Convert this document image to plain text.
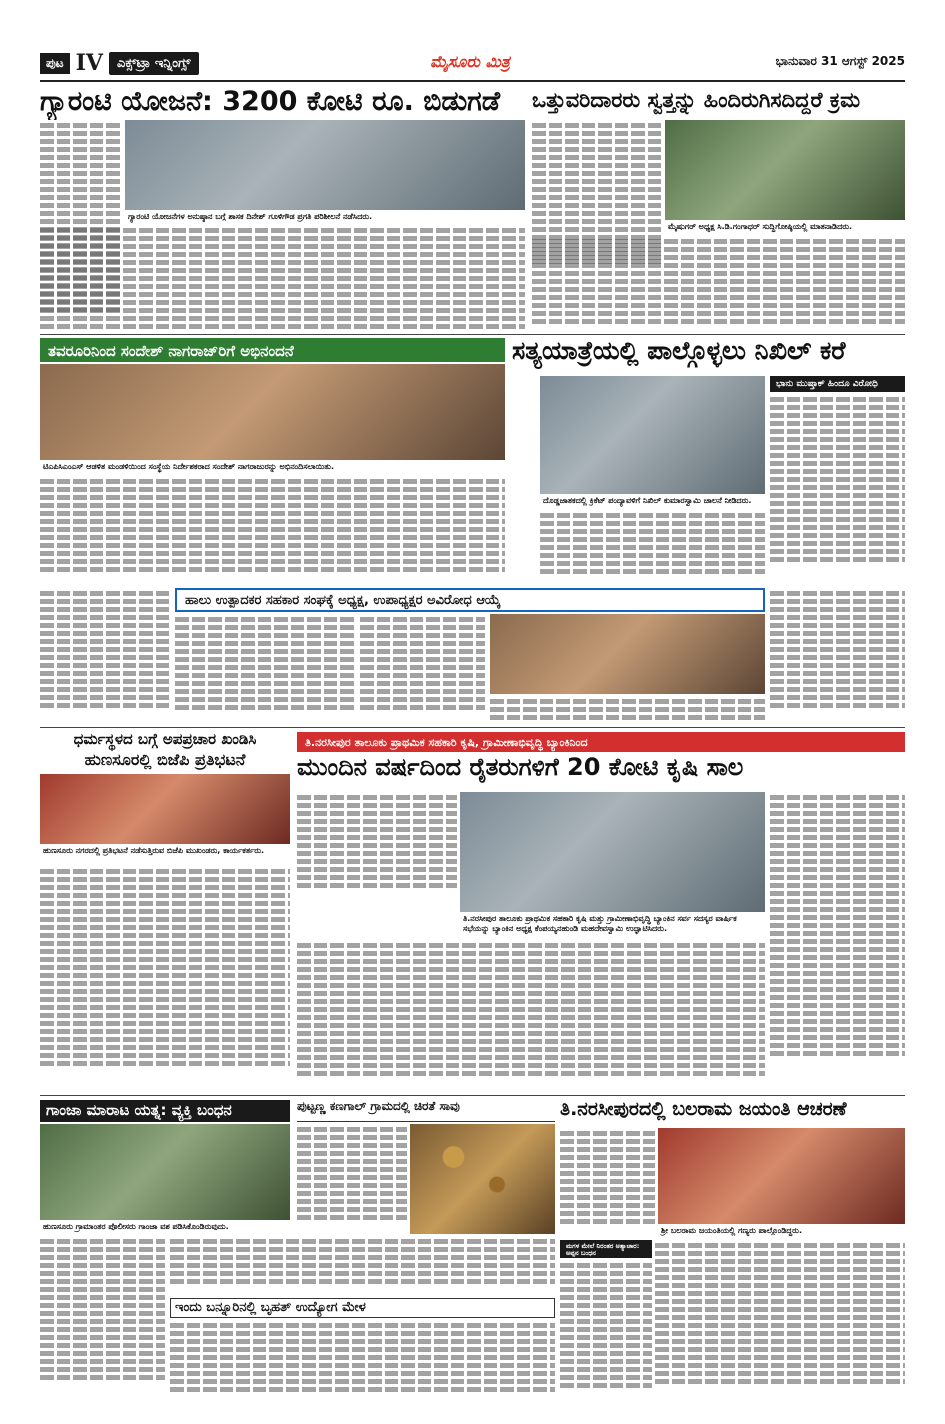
ಪುಟ IV	ಎಕ್ಸ್‌ಟ್ರಾ ಇನ್ನಿಂಗ್ಸ್	ಮೈಸೂರು ಮಿತ್ರ	ಭಾನುವಾರ 31 ಆಗಸ್ಟ್ 2025
ಗ್ಯಾರಂಟಿ ಯೋಜನೆ: 3200 ಕೋಟಿ ರೂ. ಬಿಡುಗಡೆ
ಗ್ಯಾರಂಟಿ ಯೋಜನೆಗಳ ಅನುಷ್ಠಾನ ಬಗ್ಗೆ ಶಾಸಕ ದಿನೇಶ್ ಗೂಳಿಗೌಡ ಪ್ರಗತಿ ಪರಿಶೀಲನೆ ನಡೆಸಿದರು.
ಒತ್ತುವರಿದಾರರು ಸ್ವತ್ತನ್ನು ಹಿಂದಿರುಗಿಸದಿದ್ದರೆ ಕ್ರಮ
ಮೈಷುಗರ್ ಅಧ್ಯಕ್ಷ ಸಿ.ಡಿ.ಗಂಗಾಧರ್ ಸುದ್ದಿಗೋಷ್ಠಿಯಲ್ಲಿ ಮಾತನಾಡಿದರು.
ತವರೂರಿನಿಂದ ಸಂದೇಶ್ ನಾಗರಾಜ್‌ರಿಗೆ ಅಭಿನಂದನೆ
ಟಿಎಪಿಸಿಎಂಎಸ್ ಆಡಳಿತ ಮಂಡಳಿಯಿಂದ ಸಂಸ್ಥೆಯ ನಿರ್ದೇಶಕರಾದ ಸಂದೇಶ್ ನಾಗರಾಜುರನ್ನು ಅಭಿನಂದಿಸಲಾಯಿತು.
ಸತ್ಯಯಾತ್ರೆಯಲ್ಲಿ ಪಾಲ್ಗೊಳ್ಳಲು ನಿಖಿಲ್ ಕರೆ
ದೊಡ್ಡಜಾತಕದಲ್ಲಿ ಕ್ರಿಕೆಟ್ ಪಂದ್ಯಾವಳಿಗೆ ನಿಖಿಲ್ ಕುಮಾರಸ್ವಾಮಿ ಚಾಲನೆ ನೀಡಿದರು.
ಭಾನು ಮುಷ್ತಾಕ್ ಹಿಂದೂ ವಿರೋಧಿ
ಹಾಲು ಉತ್ಪಾದಕರ ಸಹಕಾರ ಸಂಘಕ್ಕೆ ಅಧ್ಯಕ್ಷ, ಉಪಾಧ್ಯಕ್ಷರ ಅವಿರೋಧ ಆಯ್ಕೆ
ಧರ್ಮಸ್ಥಳದ ಬಗ್ಗೆ ಅಪಪ್ರಚಾರ ಖಂಡಿಸಿ
ಹುಣಸೂರಲ್ಲಿ ಬಿಜೆಪಿ ಪ್ರತಿಭಟನೆ
ಹುಣಸೂರು ನಗರದಲ್ಲಿ ಪ್ರತಿಭಟನೆ ನಡೆಸುತ್ತಿರುವ ಬಿಜೆಪಿ ಮುಖಂಡರು, ಕಾರ್ಯಕರ್ತರು.
ತಿ.ನರಸೀಪುರ ತಾಲೂಕು ಪ್ರಾಥಮಿಕ ಸಹಕಾರಿ ಕೃಷಿ, ಗ್ರಾಮೀಣಾಭಿವೃದ್ಧಿ ಬ್ಯಾಂಕಿನಿಂದ
ಮುಂದಿನ ವರ್ಷದಿಂದ ರೈತರುಗಳಿಗೆ 20 ಕೋಟಿ ಕೃಷಿ ಸಾಲ
ತಿ.ನರಸೀಪುರ ತಾಲೂಕು ಪ್ರಾಥಮಿಕ ಸಹಕಾರಿ ಕೃಷಿ ಮತ್ತು ಗ್ರಾಮೀಣಾಭಿವೃದ್ಧಿ ಬ್ಯಾಂಕಿನ ಸರ್ವ ಸದಸ್ಯರ ವಾರ್ಷಿಕ ಸಭೆಯನ್ನು ಬ್ಯಾಂಕಿನ ಅಧ್ಯಕ್ಷ ಕೆಂಪಯ್ಯನಹುಂಡಿ ಮಹದೇವಸ್ವಾಮಿ ಉದ್ಘಾಟಿಸಿದರು.
ಗಾಂಜಾ ಮಾರಾಟ ಯತ್ನ: ವ್ಯಕ್ತಿ ಬಂಧನ
ಹುಣಸೂರು ಗ್ರಾಮಾಂತರ ಪೊಲೀಸರು ಗಾಂಜಾ ವಶ ಪಡಿಸಿಕೊಂಡಿರುವುದು.
ಪುಟ್ಟಣ್ಣ ಕಣಗಾಲ್ ಗ್ರಾಮದಲ್ಲಿ ಚಿರತೆ ಸಾವು
ಇಂದು ಬನ್ನೂರಿನಲ್ಲಿ ಬೃಹತ್ ಉದ್ಯೋಗ ಮೇಳ
ತಿ.ನರಸೀಪುರದಲ್ಲಿ ಬಲರಾಮ ಜಯಂತಿ ಆಚರಣೆ
ಶ್ರೀ ಬಲರಾಮ ಜಯಂತಿಯಲ್ಲಿ ಗಣ್ಯರು ಪಾಲ್ಗೊಂಡಿದ್ದರು.
ಮಗಳ ಮೇಲೆ ನಿರಂತರ ಅತ್ಯಾಚಾರ: ಅಪ್ಪನ ಬಂಧನ
